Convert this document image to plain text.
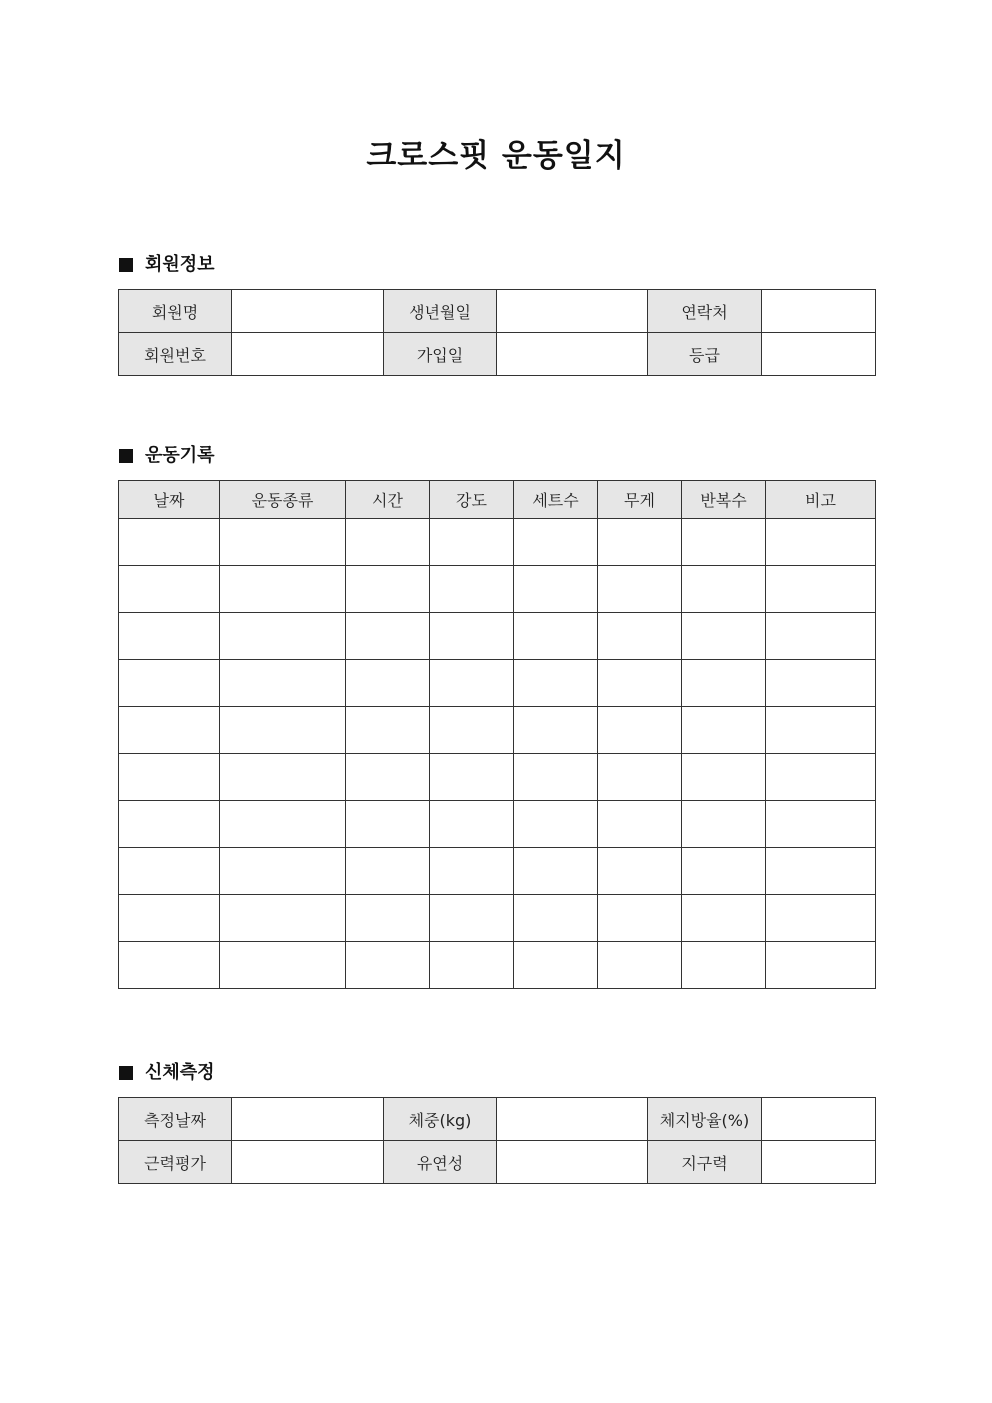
크로스핏 운동일지
회원정보
회원명		생년월일		연락처	
회원번호		가입일		등급	
운동기록
날짜	운동종류	시간	강도	세트수	무게	반복수	비고

신체측정
측정날짜		체중(kg)		체지방율(%)	
근력평가		유연성		지구력	
